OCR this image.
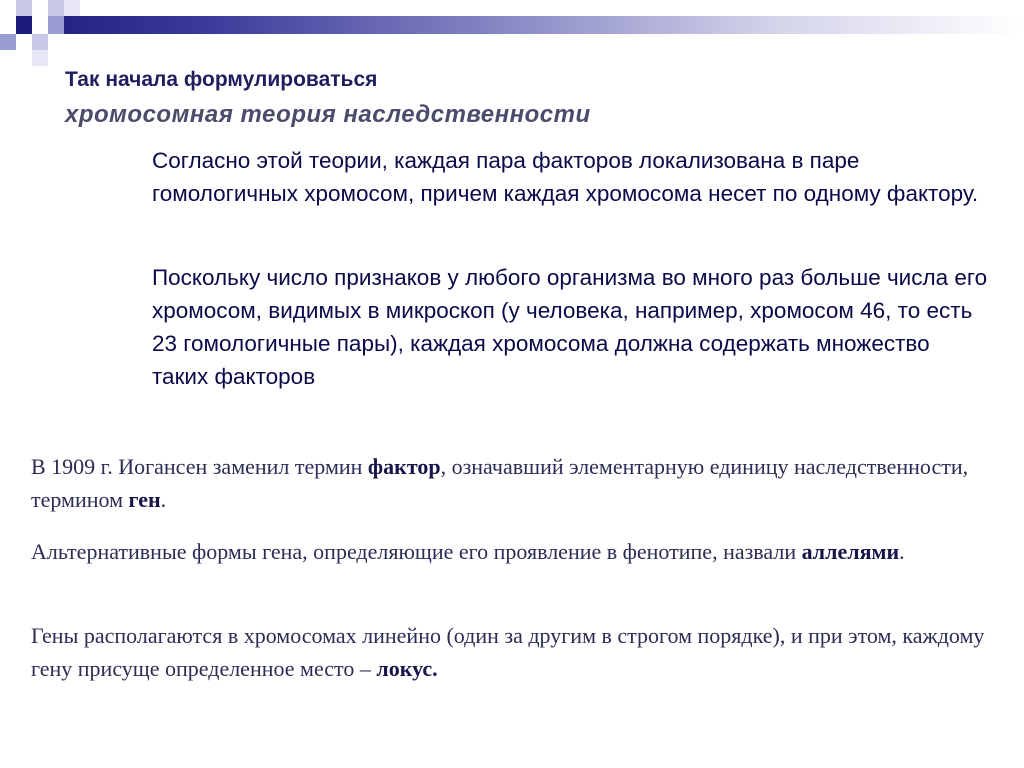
Так начала формулироваться
хромосомная теория наследственности
Согласно этой теории, каждая пара факторов локализована в паре гомологичных хромосом, причем каждая хромосома несет по одному фактору.
Поскольку число признаков у любого организма во много раз больше числа его хромосом, видимых в микроскоп (у человека, например, хромосом 46, то есть 23 гомологичные пары), каждая хромосома должна содержать множество таких факторов
В 1909 г. Иогансен заменил термин фактор, означавший элементарную единицу наследственности, термином ген.
Альтернативные формы гена, определяющие его проявление в фенотипе, назвали аллелями.
Гены располагаются в хромосомах линейно (один за другим в строгом порядке), и при этом, каждому гену присуще определенное место – локус.
